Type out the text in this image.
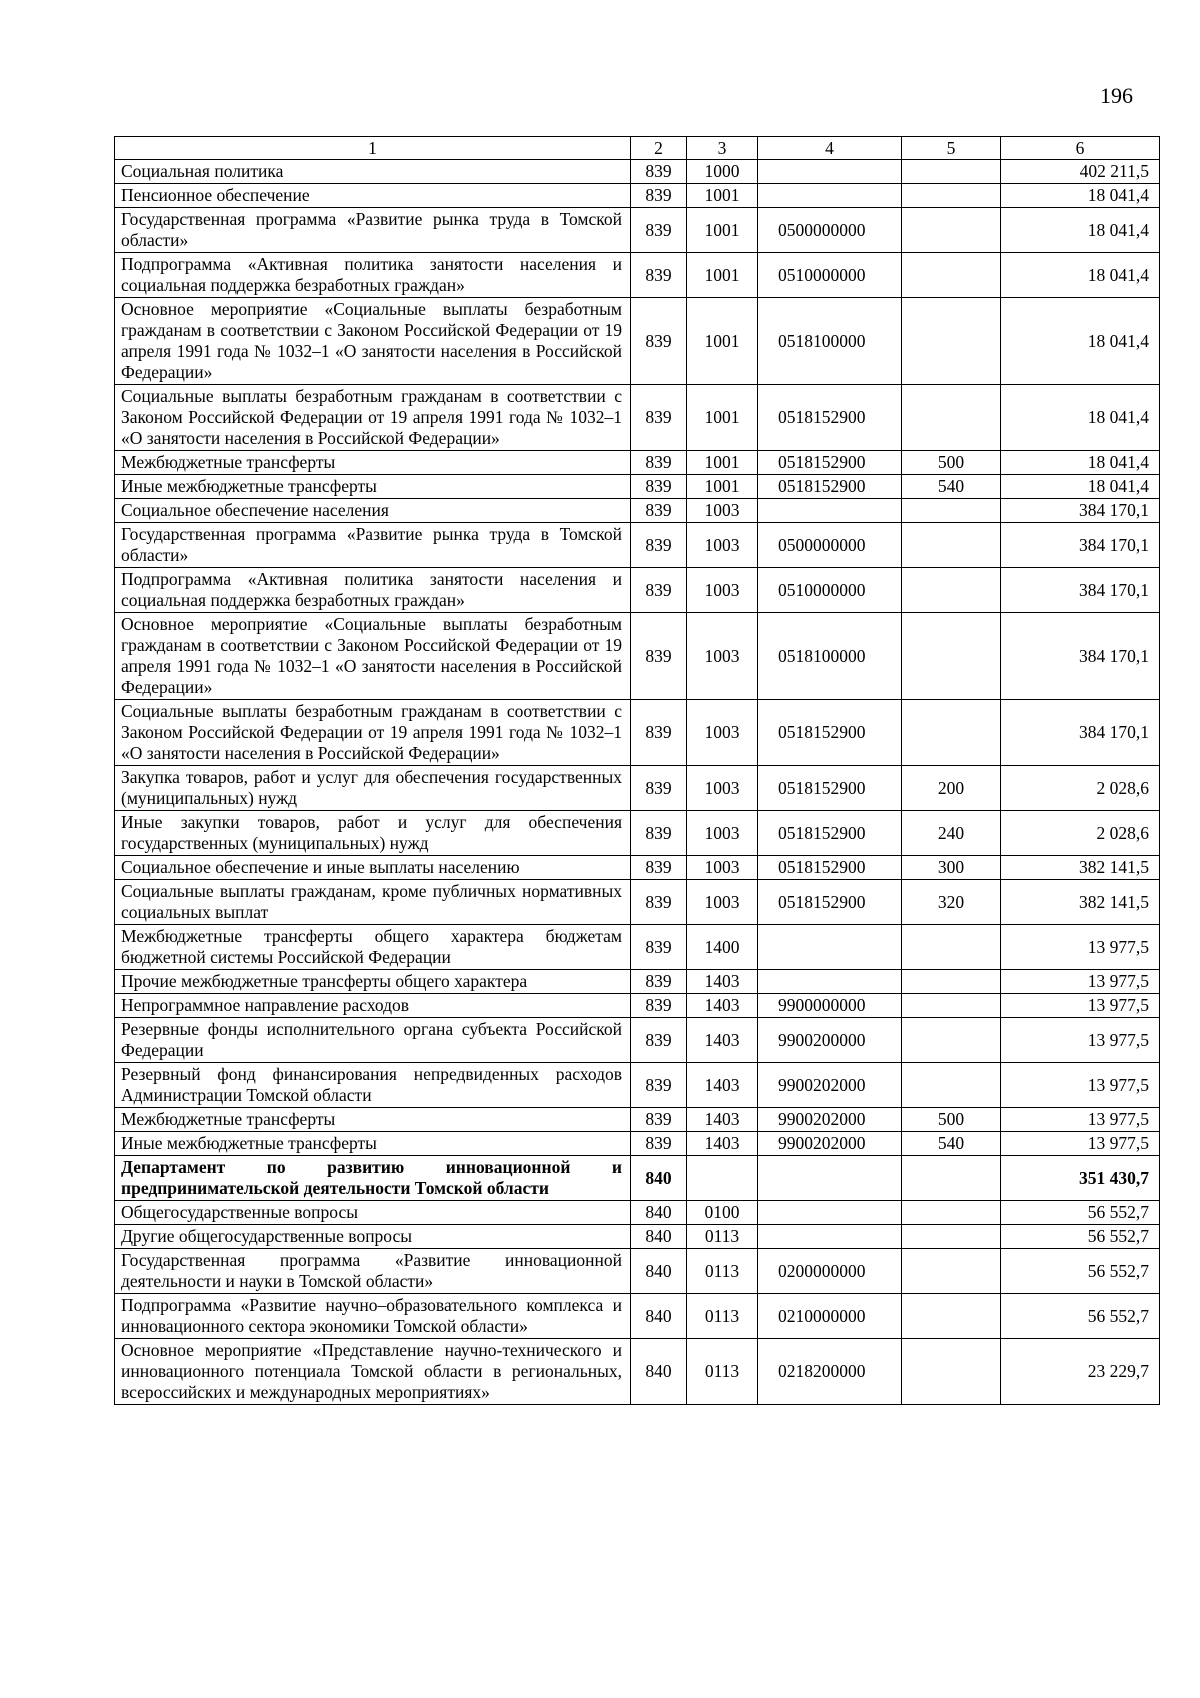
196
1	2	3	4	5	6
Социальная политика	839	1000			402 211,5
Пенсионное обеспечение	839	1001			18 041,4
Государственная программа «Развитие рынка труда в Томской области»	839	1001	0500000000		18 041,4
Подпрограмма «Активная политика занятости населения и социальная поддержка безработных граждан»	839	1001	0510000000		18 041,4
Основное мероприятие «Социальные выплаты безработным гражданам в соответствии с Законом Российской Федерации от 19 апреля 1991 года № 1032–1 «О занятости населения в Российской Федерации»	839	1001	0518100000		18 041,4
Социальные выплаты безработным гражданам в соответствии с Законом Российской Федерации от 19 апреля 1991 года № 1032–1 «О занятости населения в Российской Федерации»	839	1001	0518152900		18 041,4
Межбюджетные трансферты	839	1001	0518152900	500	18 041,4
Иные межбюджетные трансферты	839	1001	0518152900	540	18 041,4
Социальное обеспечение населения	839	1003			384 170,1
Государственная программа «Развитие рынка труда в Томской области»	839	1003	0500000000		384 170,1
Подпрограмма «Активная политика занятости населения и социальная поддержка безработных граждан»	839	1003	0510000000		384 170,1
Основное мероприятие «Социальные выплаты безработным гражданам в соответствии с Законом Российской Федерации от 19 апреля 1991 года № 1032–1 «О занятости населения в Российской Федерации»	839	1003	0518100000		384 170,1
Социальные выплаты безработным гражданам в соответствии с Законом Российской Федерации от 19 апреля 1991 года № 1032–1 «О занятости населения в Российской Федерации»	839	1003	0518152900		384 170,1
Закупка товаров, работ и услуг для обеспечения государственных (муниципальных) нужд	839	1003	0518152900	200	2 028,6
Иные закупки товаров, работ и услуг для обеспечения государственных (муниципальных) нужд	839	1003	0518152900	240	2 028,6
Социальное обеспечение и иные выплаты населению	839	1003	0518152900	300	382 141,5
Социальные выплаты гражданам, кроме публичных нормативных социальных выплат	839	1003	0518152900	320	382 141,5
Межбюджетные трансферты общего характера бюджетам бюджетной системы Российской Федерации	839	1400			13 977,5
Прочие межбюджетные трансферты общего характера	839	1403			13 977,5
Непрограммное направление расходов	839	1403	9900000000		13 977,5
Резервные фонды исполнительного органа субъекта Российской Федерации	839	1403	9900200000		13 977,5
Резервный фонд финансирования непредвиденных расходов Администрации Томской области	839	1403	9900202000		13 977,5
Межбюджетные трансферты	839	1403	9900202000	500	13 977,5
Иные межбюджетные трансферты	839	1403	9900202000	540	13 977,5
Департамент по развитию инновационной и предпринимательской деятельности Томской области	840				351 430,7
Общегосударственные вопросы	840	0100			56 552,7
Другие общегосударственные вопросы	840	0113			56 552,7
Государственная программа «Развитие инновационной деятельности и науки в Томской области»	840	0113	0200000000		56 552,7
Подпрограмма «Развитие научно–образовательного комплекса и инновационного сектора экономики Томской области»	840	0113	0210000000		56 552,7
Основное мероприятие «Представление научно-технического и инновационного потенциала Томской области в региональных, всероссийских и международных мероприятиях»	840	0113	0218200000		23 229,7
